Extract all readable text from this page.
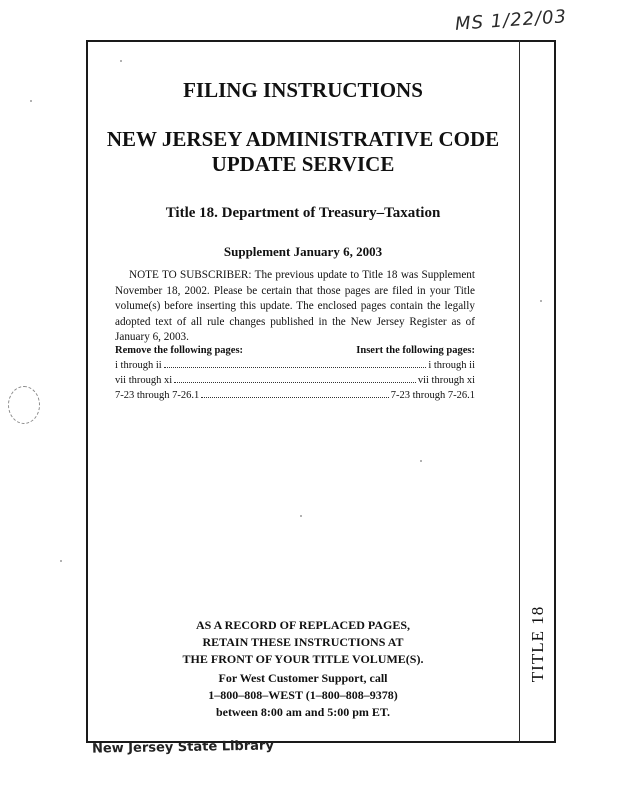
MS 1/22/03
FILING INSTRUCTIONS
NEW JERSEY ADMINISTRATIVE CODE
UPDATE SERVICE
Title 18. Department of Treasury–Taxation
Supplement January 6, 2003
NOTE TO SUBSCRIBER: The previous update to Title 18 was Supplement November 18, 2002. Please be certain that those pages are filed in your Title volume(s) before inserting this update. The enclosed pages contain the legally adopted text of all rule changes published in the New Jersey Register as of January 6, 2003.
Remove the following pages:	Insert the following pages:
i through ii	i through ii
vii through xi	vii through xi
7-23 through 7-26.1	7-23 through 7-26.1
AS A RECORD OF REPLACED PAGES,
RETAIN THESE INSTRUCTIONS AT
THE FRONT OF YOUR TITLE VOLUME(S).
For West Customer Support, call
1–800–808–WEST (1–800–808–9378)
between 8:00 am and 5:00 pm ET.
TITLE 18
New Jersey State Library
